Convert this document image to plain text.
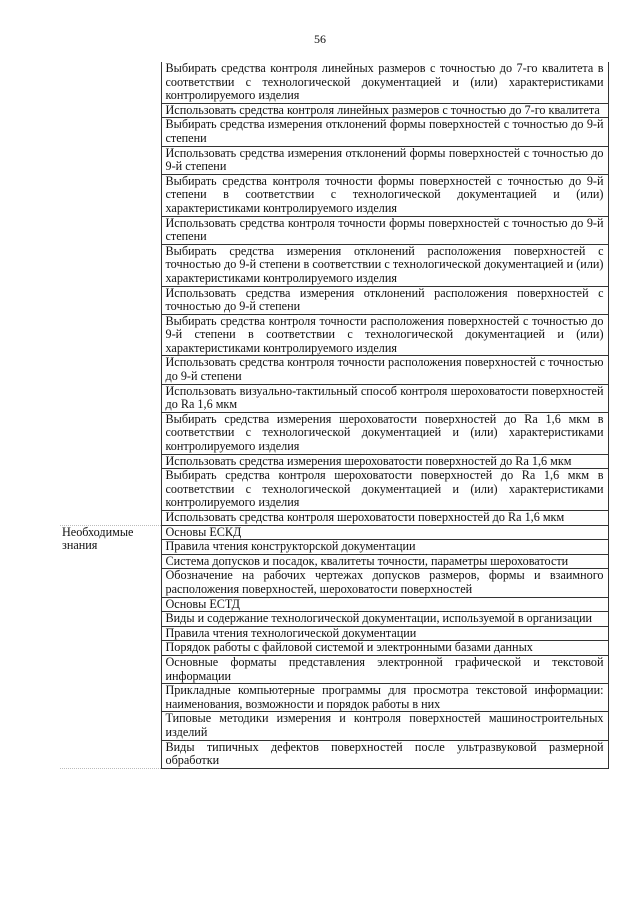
56

	Выбирать средства контроля линейных размеров с точностью до 7-го квалитета в соответствии с технологической документацией и (или) характеристиками контролируемого изделия

	Использовать средства контроля линейных размеров с точностью до 7-го квалитета

	Выбирать средства измерения отклонений формы поверхностей с точностью до 9-й степени

	Использовать средства измерения отклонений формы поверхностей с точностью до 9-й степени

	Выбирать средства контроля точности формы поверхностей с точностью до 9-й степени в соответствии с технологической документацией и (или) характеристиками контролируемого изделия

	Использовать средства контроля точности формы поверхностей с точностью до 9-й степени

	Выбирать средства измерения отклонений расположения поверхностей с точностью до 9-й степени в соответствии с технологической документацией и (или) характеристиками контролируемого изделия

	Использовать средства измерения отклонений расположения поверхностей с точностью до 9-й степени

	Выбирать средства контроля точности расположения поверхностей с точностью до 9-й степени в соответствии с технологической документацией и (или) характеристиками контролируемого изделия

	Использовать средства контроля точности расположения поверхностей с точностью до 9-й степени

	Использовать визуально-тактильный способ контроля шероховатости поверхностей до Ra 1,6 мкм

	Выбирать средства измерения шероховатости поверхностей до Ra 1,6 мкм в соответствии с технологической документацией и (или) характеристиками контролируемого изделия

	Использовать средства измерения шероховатости поверхностей до Ra 1,6 мкм

	Выбирать средства контроля шероховатости поверхностей до Ra 1,6 мкм в соответствии с технологической документацией и (или) характеристиками контролируемого изделия

	Использовать средства контроля шероховатости поверхностей до Ra 1,6 мкм

Необходимые знания	Основы ЕСКД

	Правила чтения конструкторской документации

	Система допусков и посадок, квалитеты точности, параметры шероховатости

	Обозначение на рабочих чертежах допусков размеров, формы и взаимного расположения поверхностей, шероховатости поверхностей

	Основы ЕСТД

	Виды и содержание технологической документации, используемой в организации

	Правила чтения технологической документации

	Порядок работы с файловой системой и электронными базами данных

	Основные форматы представления электронной графической и текстовой информации

	Прикладные компьютерные программы для просмотра текстовой информации: наименования, возможности и порядок работы в них

	Типовые методики измерения и контроля поверхностей машиностроительных изделий

	Виды типичных дефектов поверхностей после ультразвуковой размерной обработки
